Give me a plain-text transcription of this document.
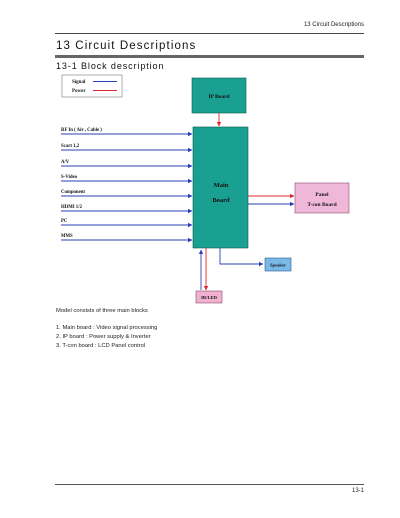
13 Circuit Descriptions
13 Circuit Descriptions
13-1 Block description
Signal
Power
IP Board
Main
Board
RF In ( Air , Cable )
Scart 1,2
A/V
S-Video
Component
HDMI 1/2
PC
MMS
Panel
T-con Board
Speaker
IR/LED
Model consists of three main blocks
1. Main board : Video signal processing
2. IP board : Power supply & Inverter
3. T-con board : LCD Panel control
13-1
